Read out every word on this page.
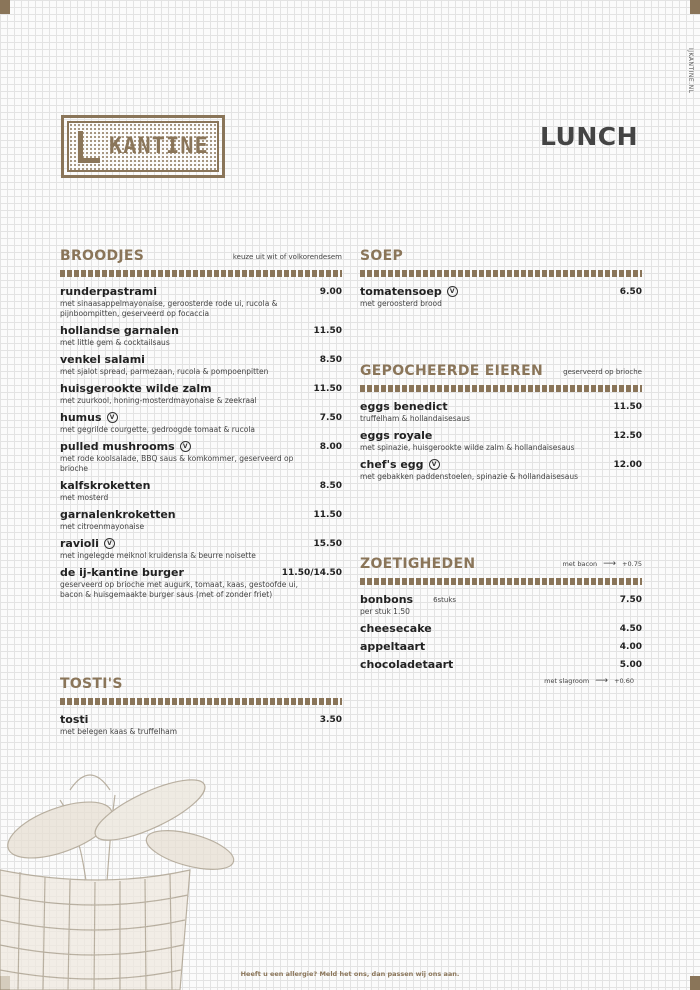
IJKANTINE.NL
KANTINE	LUNCH
BROODJES	keuze uit wit of volkorendesem
runderpastrami	9.00
met sinaasappelmayonaise, geroosterde rode ui, rucola & pijnboompitten, geserveerd op focaccia
hollandse garnalen	11.50
met little gem & cocktailsaus
venkel salami	8.50
met sjalot spread, parmezaan, rucola & pompoenpitten
huisgerookte wilde zalm	11.50
met zuurkool, honing-mosterdmayonaise & zeekraal
humus	V	7.50
met gegrilde courgette, gedroogde tomaat & rucola
pulled mushrooms	V	8.00
met rode koolsalade, BBQ saus & komkommer, geserveerd op brioche
kalfskroketten	8.50
met mosterd
garnalenkroketten	11.50
met citroenmayonaise
ravioli	V	15.50
met ingelegde meiknol kruidensla & beurre noisette
de ij-kantine burger	11.50/14.50
geserveerd op brioche met augurk, tomaat, kaas, gestoofde ui, bacon & huisgemaakte burger saus (met of zonder friet)
TOSTI'S
tosti	3.50
met belegen kaas & truffelham
SOEP
tomatensoep	V	6.50
met geroosterd brood
GEPOCHEERDE EIEREN	geserveerd op brioche
eggs benedict	11.50
truffelham & hollandaisesaus
eggs royale	12.50
met spinazie, huisgerookte wilde zalm & hollandaisesaus
chef's egg	V	12.00
met gebakken paddenstoelen, spinazie & hollandaisesaus
ZOETIGHEDEN	met bacon ⟶ +0.75
bonbons	6stuks	7.50
per stuk 1.50
cheesecake	4.50
appeltaart	4.00
chocoladetaart	5.00
met slagroom ⟶ +0.60
Heeft u een allergie? Meld het ons, dan passen wij ons aan.
